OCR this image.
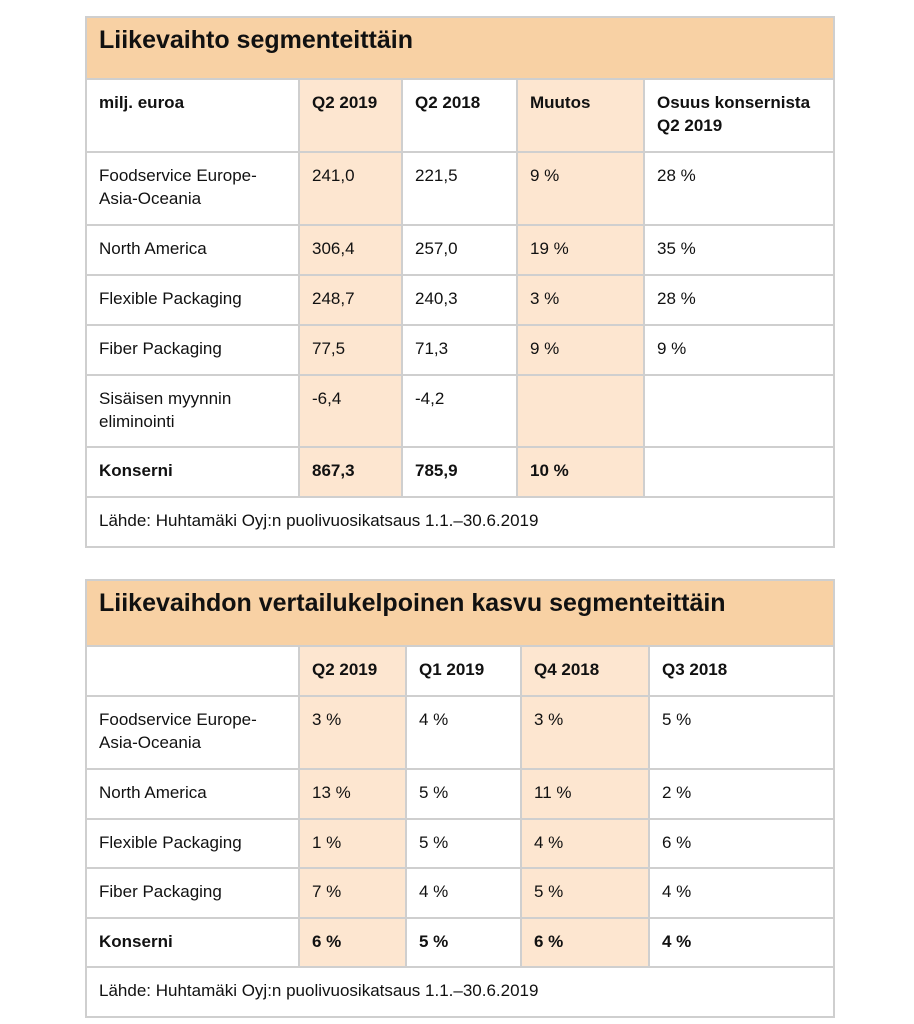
Liikevaihto segmenteittäin				
milj. euroa	Q2 2019	Q2 2018	Muutos	Osuus konsernista Q2 2019
Foodservice Europe-Asia-Oceania	241,0	221,5	9 %	28 %
North America	306,4	257,0	19 %	35 %
Flexible Packaging	248,7	240,3	3 %	28 %
Fiber Packaging	77,5	71,3	9 %	9 %
Sisäisen myynnin eliminointi	-6,4	-4,2		
Konserni	867,3	785,9	10 %	
Lähde: Huhtamäki Oyj:n puolivuosikatsaus 1.1.–30.6.2019				
Liikevaihdon vertailukelpoinen kasvu segmenteittäin				
	Q2 2019	Q1 2019	Q4 2018	Q3 2018
Foodservice Europe-Asia-Oceania	3 %	4 %	3 %	5 %
North America	13 %	5 %	11 %	2 %
Flexible Packaging	1 %	5 %	4 %	6 %
Fiber Packaging	7 %	4 %	5 %	4 %
Konserni	6 %	5 %	6 %	4 %
Lähde: Huhtamäki Oyj:n puolivuosikatsaus 1.1.–30.6.2019				
